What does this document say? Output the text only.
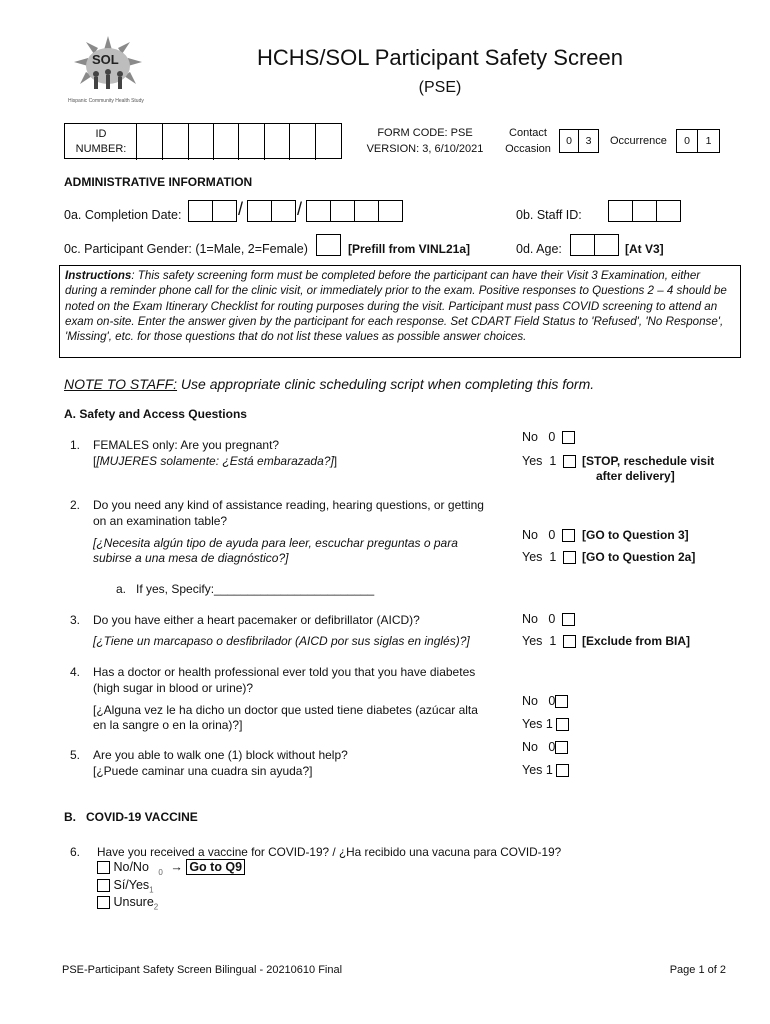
SOL
Hispanic Community Health Study
HCHS/SOL Participant Safety Screen
(PSE)
ID
NUMBER:
FORM CODE: PSE
VERSION: 3, 6/10/2021
Contact
Occasion
0	3	Occurrence	0	1
ADMINISTRATIVE INFORMATION
0a. Completion Date:	/	/	0b. Staff ID:
0c. Participant Gender: (1=Male, 2=Female)	[Prefill from VINL21a]	0d. Age:	[At V3]
Instructions: This safety screening form must be completed before the participant can have their Visit 3 Examination, either during a reminder phone call for the clinic visit, or immediately prior to the exam. Positive responses to Questions 2 – 4 should be noted on the Exam Itinerary Checklist for routing purposes during the visit. Participant must pass COVID screening to attend an exam on-site. Enter the answer given by the participant for each response. Set CDART Field Status to 'Refused', 'No Response', 'Missing', etc. for those questions that do not list these values as possible answer choices.
NOTE TO STAFF: Use appropriate clinic scheduling script when completing this form.
A. Safety and Access Questions
1. FEMALES only: Are you pregnant?
[[MUJERES solamente: ¿Está embarazada?]]
No   0
Yes  1	[STOP, reschedule visit
after delivery]
2. Do you need any kind of assistance reading, hearing questions, or getting
on an examination table?
[¿Necesita algún tipo de ayuda para leer, escuchar preguntas o para
subirse a una mesa de diagnóstico?]
No   0	[GO to Question 3]
Yes  1	[GO to Question 2a]
a.   If yes, Specify:________________________
3. Do you have either a heart pacemaker or defibrillator (AICD)?
[¿Tiene un marcapaso o desfibrilador (AICD por sus siglas en inglés)?]
No   0
Yes  1	[Exclude from BIA]
4. Has a doctor or health professional ever told you that you have diabetes
(high sugar in blood or urine)?
[¿Alguna vez le ha dicho un doctor que usted tiene diabetes (azúcar alta
en la sangre o en la orina)?]
No   0
Yes 1
5. Are you able to walk one (1) block without help?
[¿Puede caminar una cuadra sin ayuda?]
No   0
Yes 1
B.   COVID-19 VACCINE
6. Have you received a vaccine for COVID-19? / ¿Ha recibido una vacuna para COVID-19?
No/No $_0$ → Go to Q9
Sí/Yes$_1$
Unsure$_2$
PSE-Participant Safety Screen Bilingual - 20210610 Final	Page 1 of 2
